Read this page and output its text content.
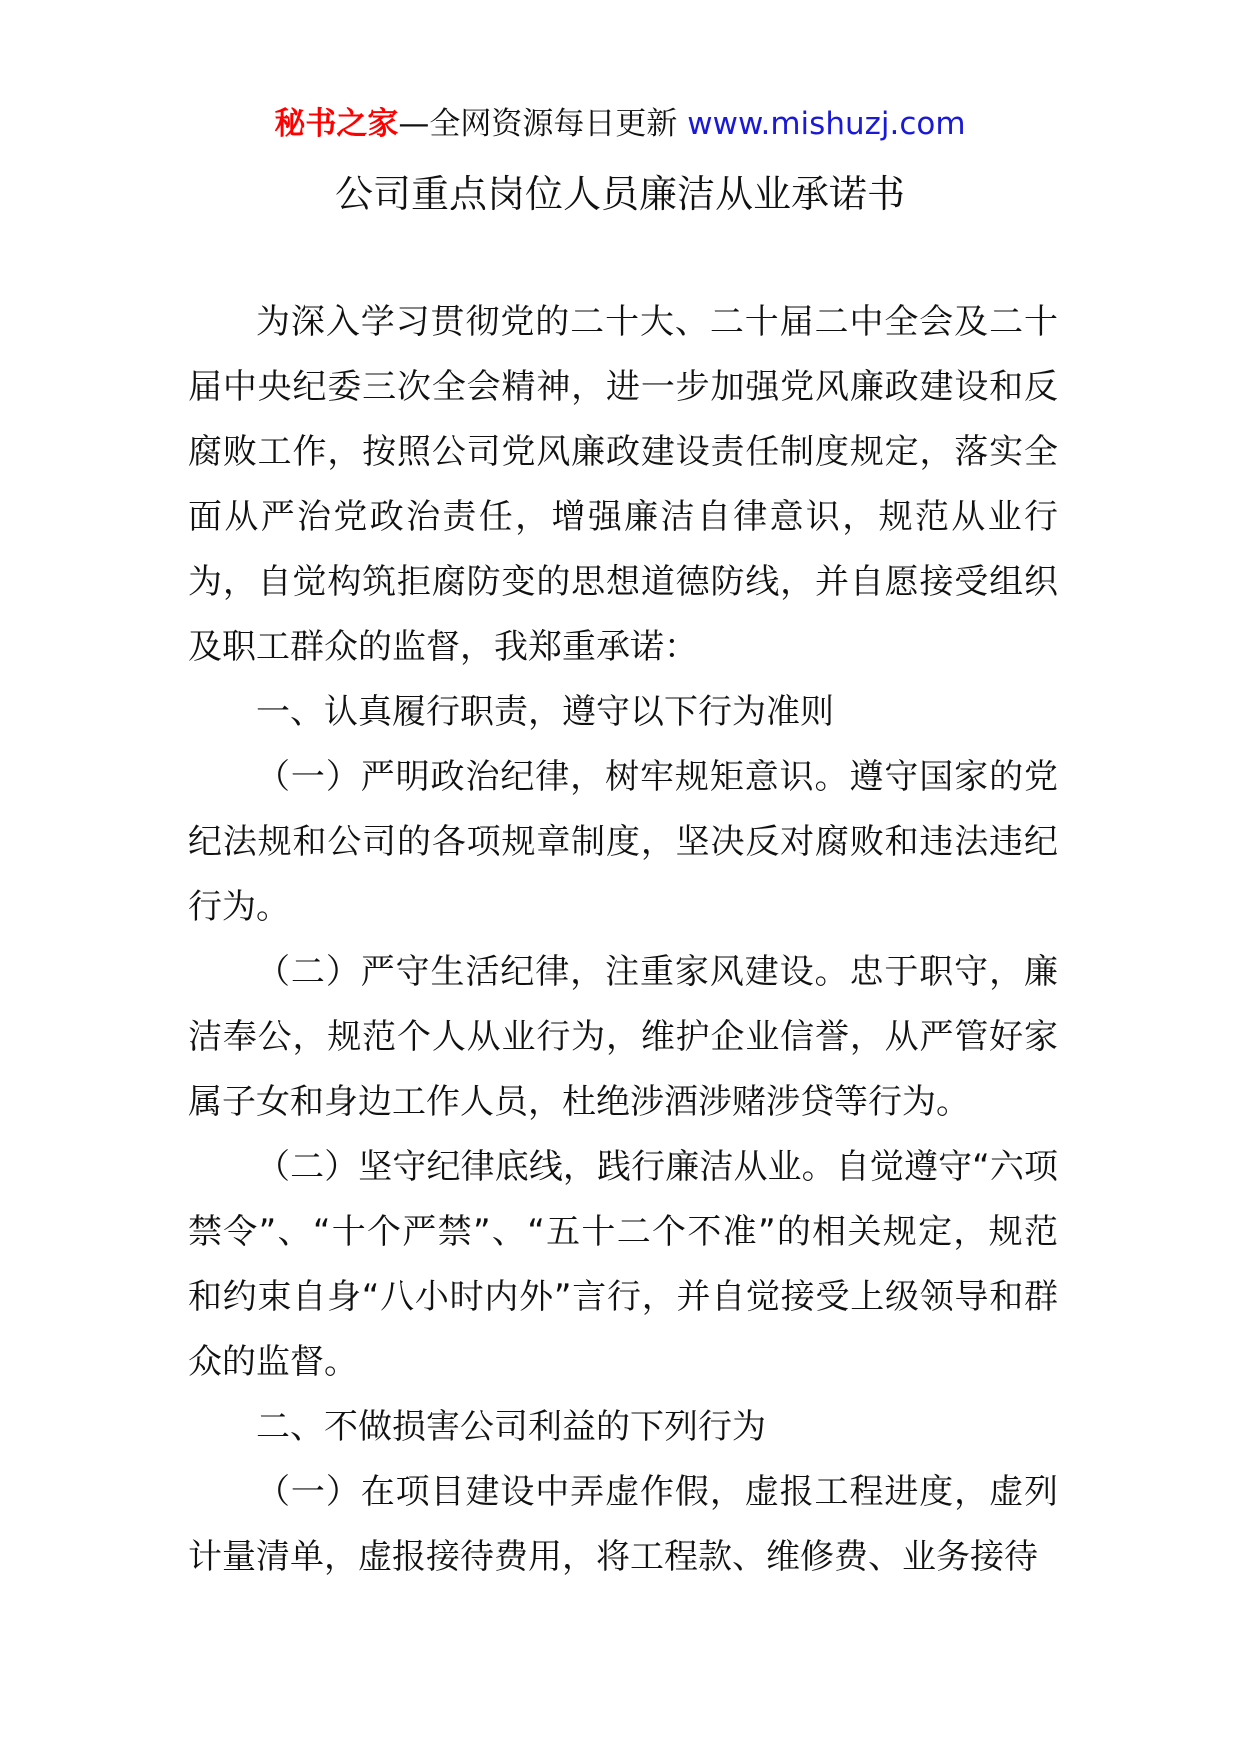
秘书之家—全网资源每日更新 www.mishuzj.com
公司重点岗位人员廉洁从业承诺书

为深入学习贯彻党的二十大、二十届二中全会及二十届中央纪委三次全会精神，进一步加强党风廉政建设和反腐败工作，按照公司党风廉政建设责任制度规定，落实全面从严治党政治责任，增强廉洁自律意识，规范从业行为，自觉构筑拒腐防变的思想道德防线，并自愿接受组织及职工群众的监督，我郑重承诺：

一、认真履行职责，遵守以下行为准则

（一）严明政治纪律，树牢规矩意识。遵守国家的党纪法规和公司的各项规章制度，坚决反对腐败和违法违纪行为。

（二）严守生活纪律，注重家风建设。忠于职守，廉洁奉公，规范个人从业行为，维护企业信誉，从严管好家属子女和身边工作人员，杜绝涉酒涉赌涉贷等行为。

（二）坚守纪律底线，践行廉洁从业。自觉遵守“六项禁令”、“十个严禁”、“五十二个不准”的相关规定，规范和约束自身“八小时内外”言行，并自觉接受上级领导和群众的监督。

二、不做损害公司利益的下列行为

（一）在项目建设中弄虚作假，虚报工程进度，虚列计量清单，虚报接待费用，将工程款、维修费、业务接待
